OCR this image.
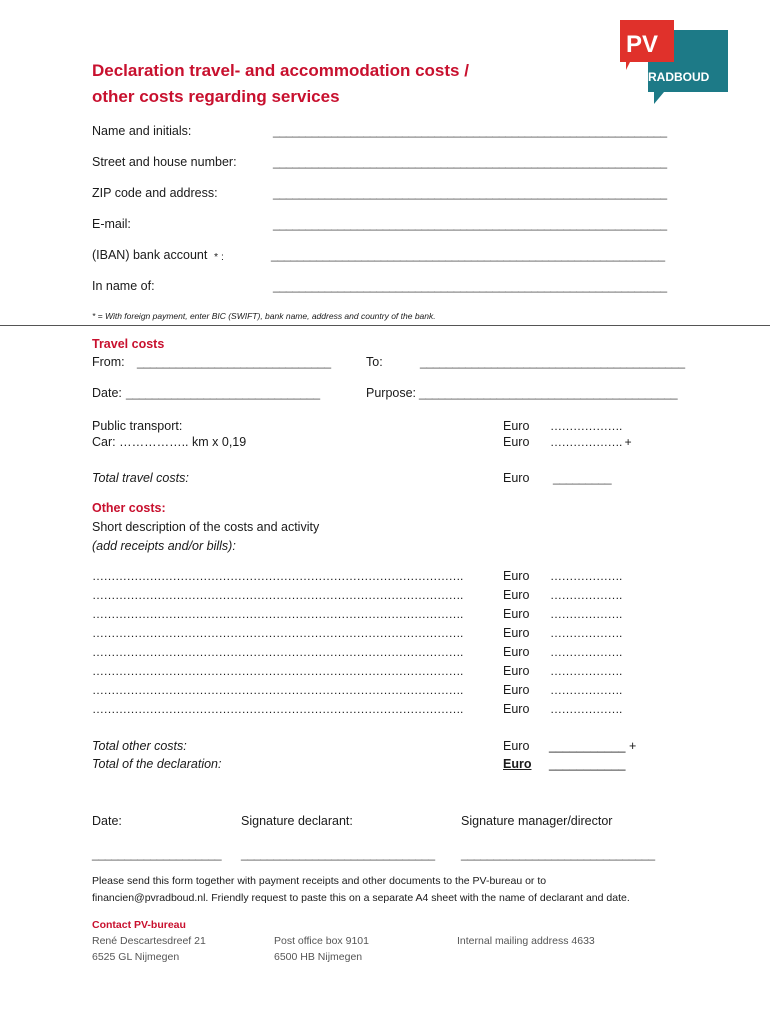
PV
RADBOUD
Declaration travel- and accommodation costs /
other costs regarding services
Name and initials:	_____________________________________________________________
Street and house number:	_____________________________________________________________
ZIP code and address:	_____________________________________________________________
E-mail:	_____________________________________________________________
(IBAN) bank account * :	_____________________________________________________________
In name of:	_____________________________________________________________
* = With foreign payment, enter BIC (SWIFT), bank name, address and country of the bank.
Travel costs
From: ______________________________	To:	_________________________________________
Date: ______________________________	Purpose: ________________________________________
Public transport:	Euro ……………….
Car: …………….. km x 0,19	Euro ………………. +
Total travel costs:	Euro _________
Other costs:
Short description of the costs and activity
(add receipts and/or bills):
…………………………………………………………………………………….	Euro ……………….
…………………………………………………………………………………….	Euro ……………….
…………………………………………………………………………………….	Euro ……………….
…………………………………………………………………………………….	Euro ……………….
…………………………………………………………………………………….	Euro ……………….
…………………………………………………………………………………….	Euro ……………….
…………………………………………………………………………………….	Euro ……………….
…………………………………………………………………………………….	Euro ……………….
Total other costs:	Euro ___________ +
Total of the declaration:	Euro ___________
Date:	Signature declarant:	Signature manager/director
____________________ ______________________________ ______________________________
Please send this form together with payment receipts and other documents to the PV-bureau or to
financien@pvradboud.nl. Friendly request to paste this on a separate A4 sheet with the name of declarant and date.
Contact PV-bureau
René Descartesdreef 21
6525 GL Nijmegen
Post office box 9101
6500 HB Nijmegen
Internal mailing address 4633
